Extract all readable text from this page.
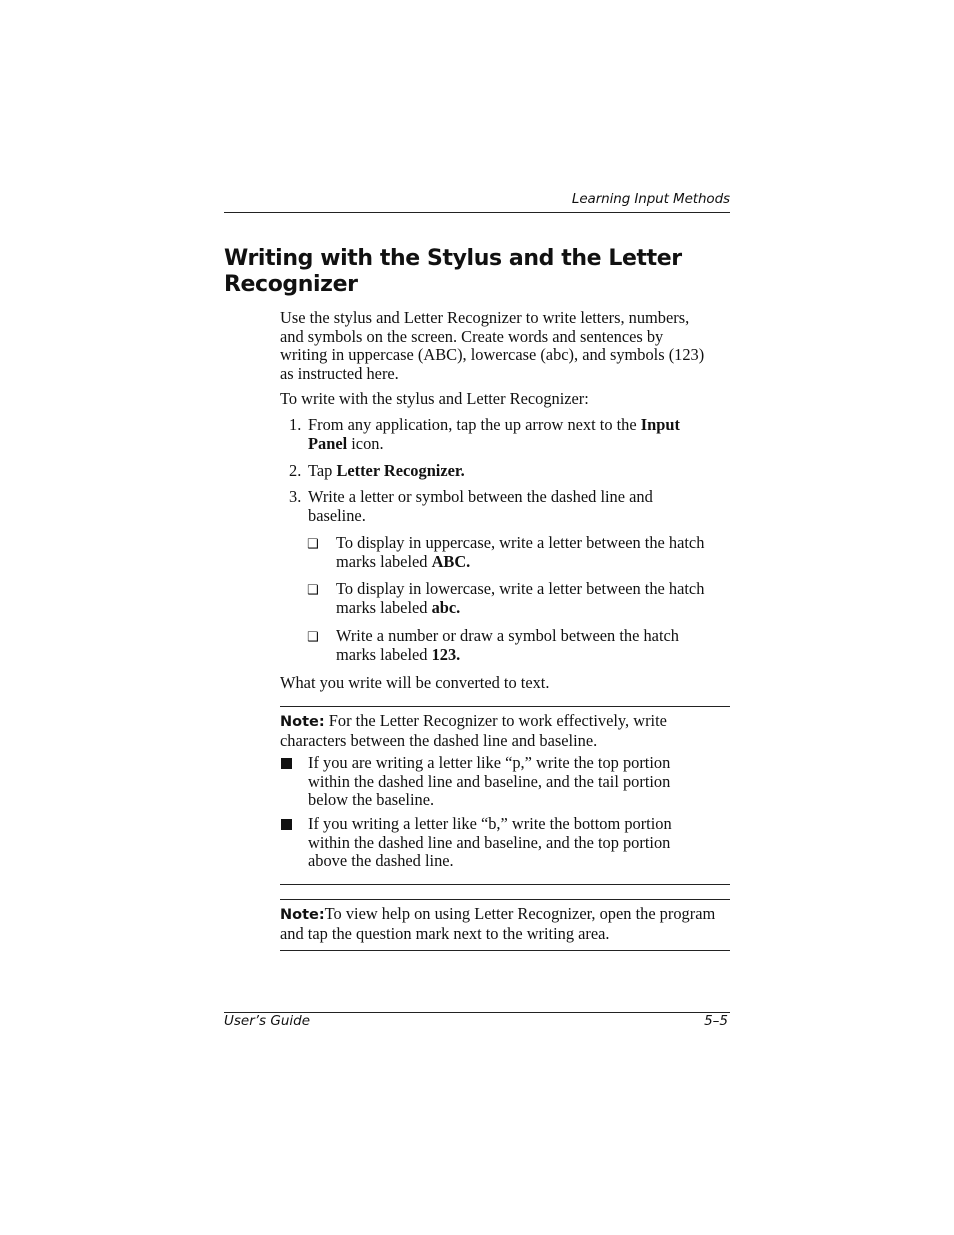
Learning Input Methods
Writing with the Stylus and the Letter
Recognizer
Use the stylus and Letter Recognizer to write letters, numbers,
and symbols on the screen. Create words and sentences by
writing in uppercase (ABC), lowercase (abc), and symbols (123)
as instructed here.
To write with the stylus and Letter Recognizer:
1. From any application, tap the up arrow next to the Input
Panel icon.
2. Tap Letter Recognizer.
3. Write a letter or symbol between the dashed line and
baseline.
❑ To display in uppercase, write a letter between the hatch
marks labeled ABC.
❑ To display in lowercase, write a letter between the hatch
marks labeled abc.
❑ Write a number or draw a symbol between the hatch
marks labeled 123.
What you write will be converted to text.
Note: For the Letter Recognizer to work effectively, write
characters between the dashed line and baseline.
If you are writing a letter like “p,” write the top portion
within the dashed line and baseline, and the tail portion
below the baseline.
If you writing a letter like “b,” write the bottom portion
within the dashed line and baseline, and the top portion
above the dashed line.
Note:To view help on using Letter Recognizer, open the program
and tap the question mark next to the writing area.
User’s Guide	5–5
